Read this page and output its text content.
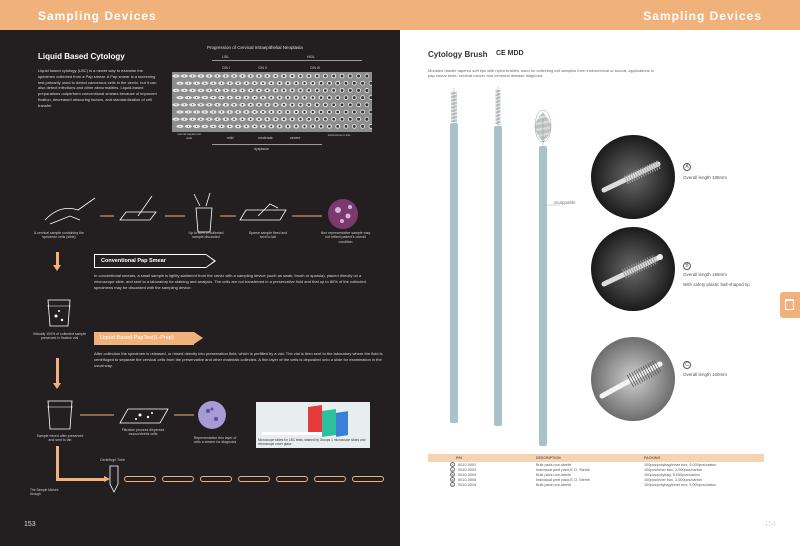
Sampling Devices
Liquid Based Cytology
Liquid based cytology (LBC) is a newer way to examine the specimen collected from a Pap smear. A Pap smear is a screening test primarily used to detect cancerous cells in the cervix, but it can also detect infections and other abnormalities. Liquid-based preparations outperform conventional smears because of improved fixation, decreased obscuring factors, and standardization of cell transfer.
Progression of Cervical Intraepithelial Neoplasia
LSIL	HSIL
CIN I	CIN II	CIN III
normal squamous cells	mild	moderate	severe
carcinoma in situ
dysplasia
A cervical sample containing the specimen cells (slide)
Up to 80% of collected sample discarded
Sparse sample fixed and sent to lab
Non representative sample may not reflect patient's overall condition
Conventional Pap Smear
In conventional smears, a small sample is lightly slathered from the cervix with a sampling device (such as swab, brush or spatula), placed directly on a microscope slide, and sent to a laboratory for staining and analysis. The cells are not transferred in a preservative fluid and that up to 80% of the collected specimens may be discarded with the sampling device.
Virtually 100% of collected sample preserved in fixative vial	Liquid-Based PapTest(L-Prep)
After collection the specimen is released, or rinsed directly into preservation fluid, which is prefilled by a vial. The vial is then sent to the laboratory where the fluid is centrifuged to separate the cervical cells from the preservative and other materials collected. A thin layer of the cells is deposited onto a slide for examination in the usual way.
Sample mixed after preserved and sent to lab
Filtration process disperses mucus/debris cells
Representative thin layer of cells a clearer for diagnosis
Microscope slides for LBC tests, stained by Groups 1 microscope slides and microscope cover glass
Centrifuge Tube
The Sample Mixture through
153
Sampling Devices
Cytology Brush CE MDD
Moulded handle tapered soft tips with nylon bristles, used for collecting cell samples from endocervical or buccal, applications in pap smear tests, cervical cancer and venereal disease diagnosis
Snappable
A
Overall length 188mm
B
Overall length 198mm
With safety plastic ball-shaped tip
C
Overall length 160mm
P/N	DESCRIPTION	PACKING
A 0010-0001	Bulk pack,non-sterile	100pcs/polybag/inner box, 5,000pcs/carton
A 0010-0003	Individual peel pack,E.O. Sterile	100pcs/inner box, 2,000pcs/carton
B 0010-0004	Bulk pack,non-sterile	100pcs/polybag, 5,000pcs/carton
B 0010-0005	Individual peel pack,E.O. Sterile	100pcs/inner box, 2,000pcs/carton
C 0010-0016	Bulk pack,non-sterile	100pcs/polybag/inner box, 5,000pcs/carton
154
